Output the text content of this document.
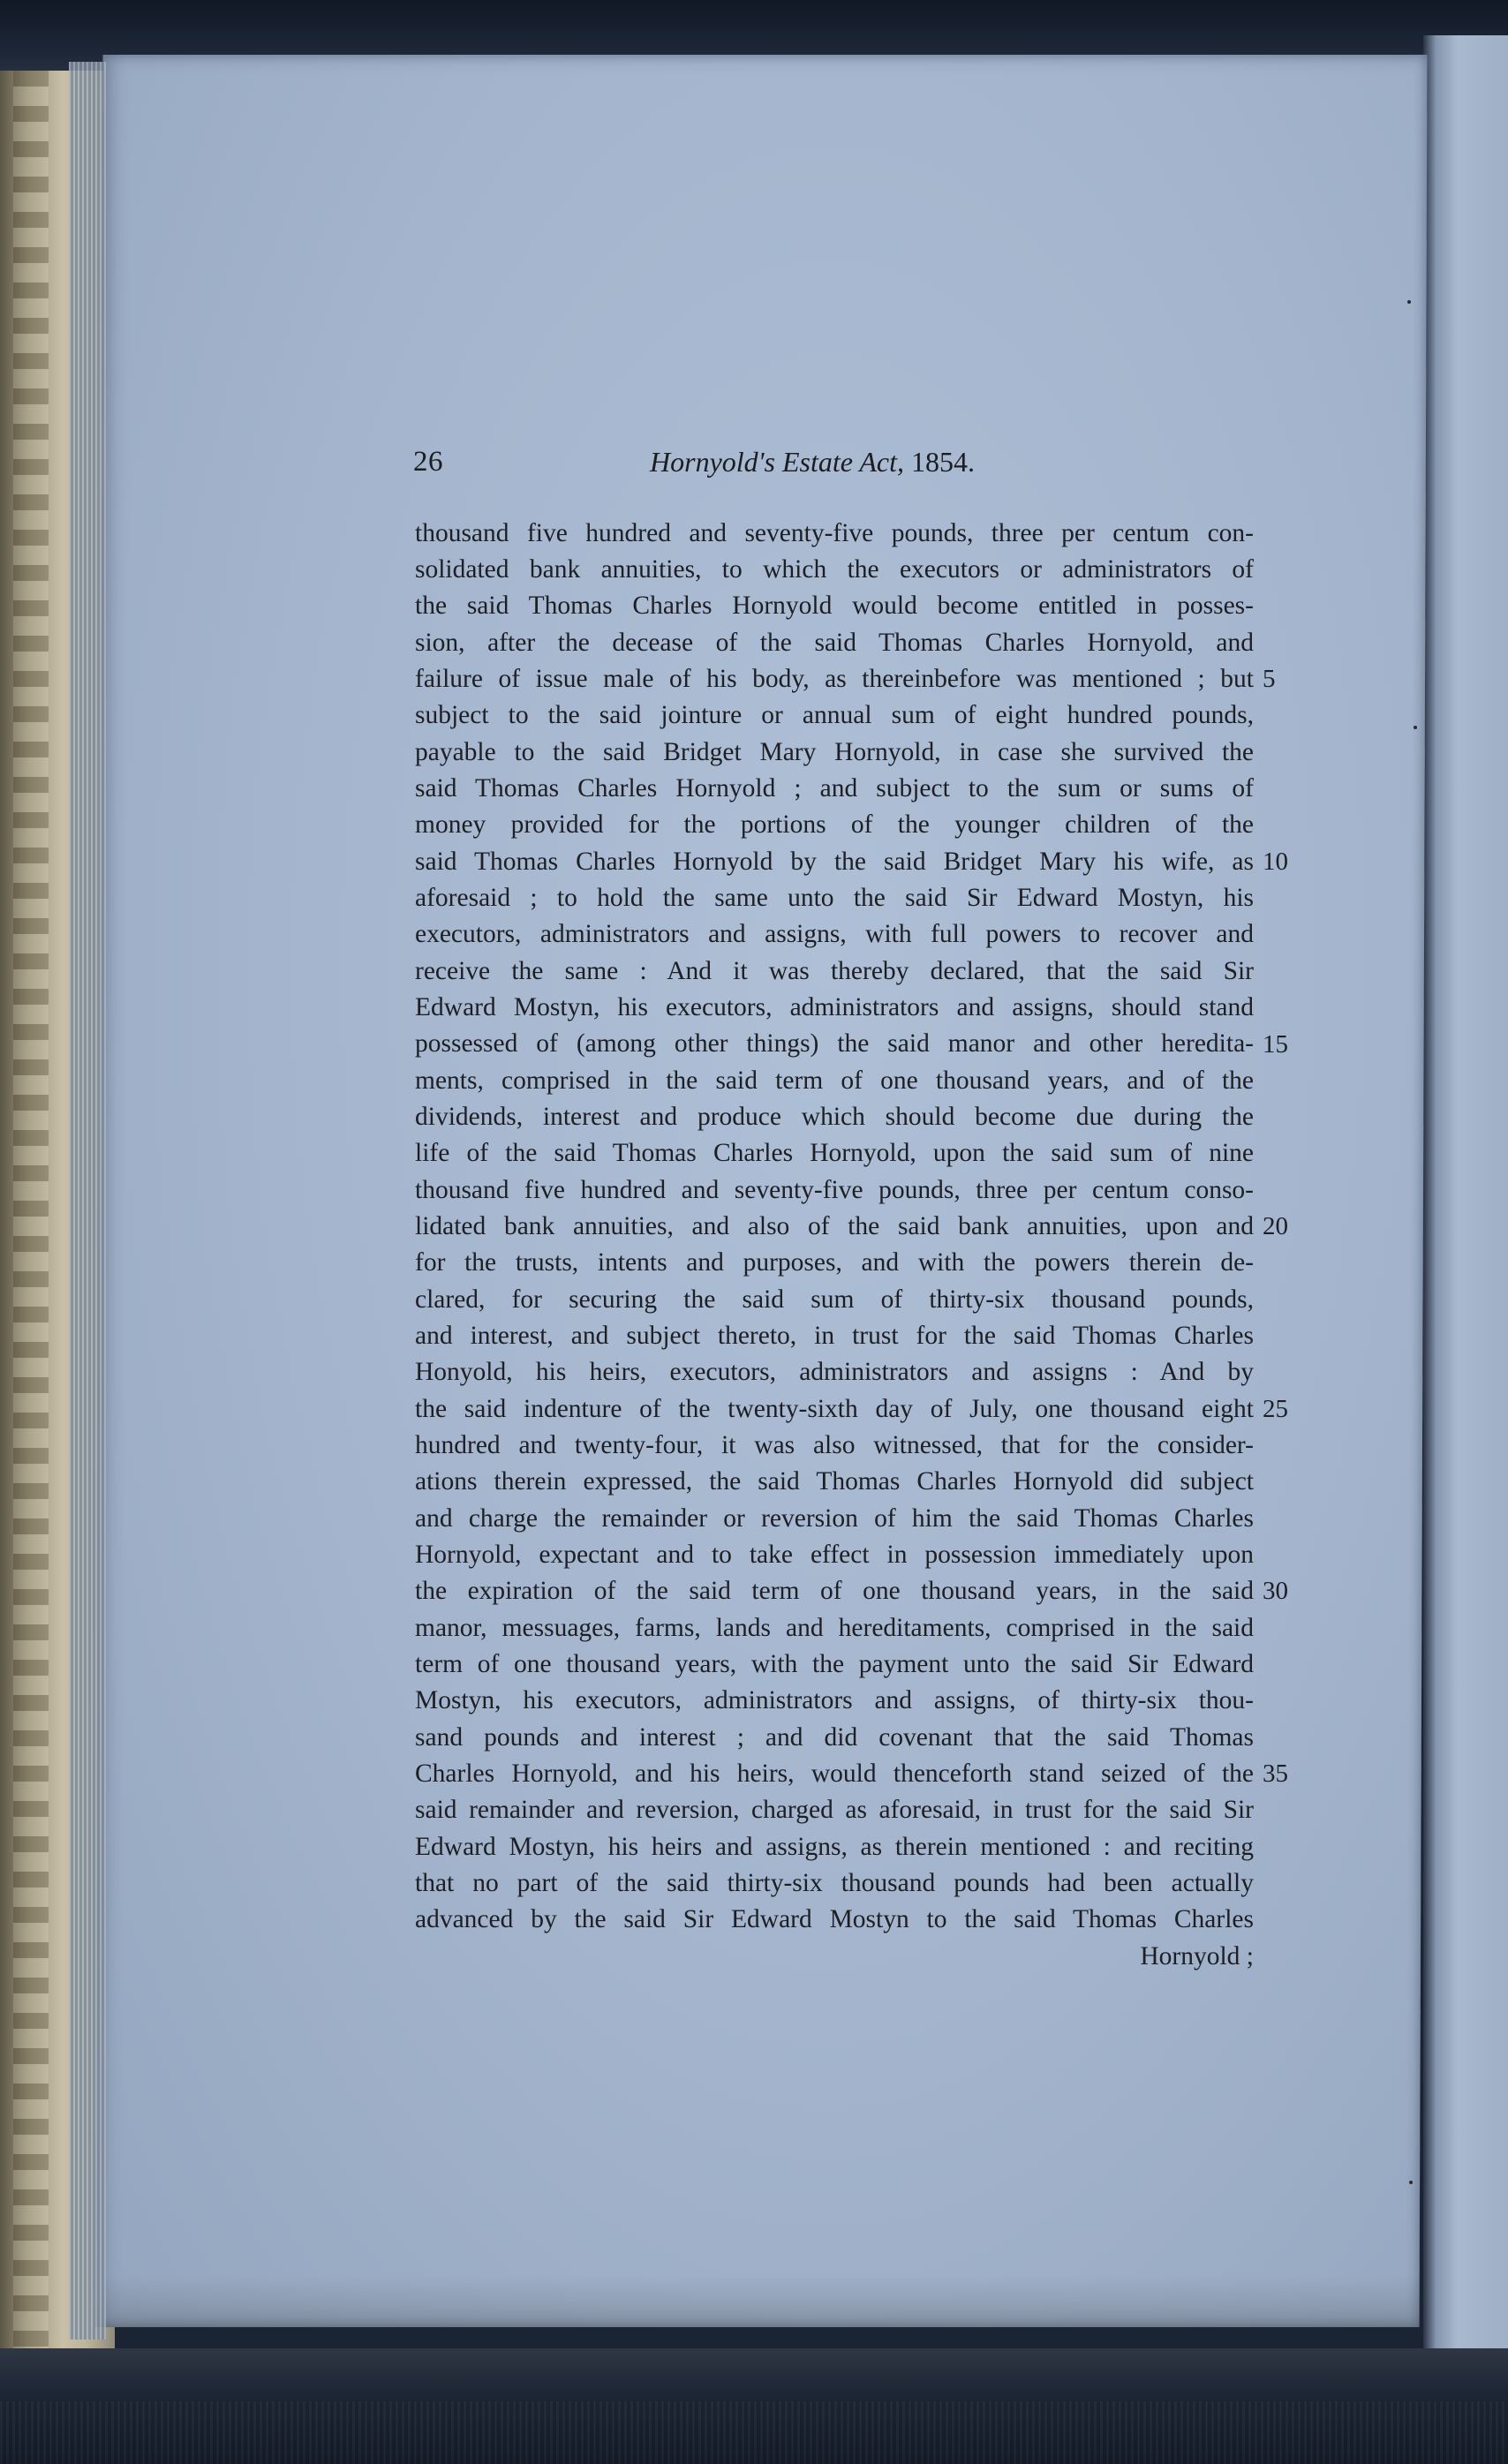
26	Hornyold's Estate Act, 1854.
thousand five hundred and seventy-five pounds, three per centum con-
solidated bank annuities, to which the executors or administrators of
the said Thomas Charles Hornyold would become entitled in posses-
sion, after the decease of the said Thomas Charles Hornyold, and
failure of issue male of his body, as thereinbefore was mentioned ; but
subject to the said jointure or annual sum of eight hundred pounds,
payable to the said Bridget Mary Hornyold, in case she survived the
said Thomas Charles Hornyold ; and subject to the sum or sums of
money provided for the portions of the younger children of the
said Thomas Charles Hornyold by the said Bridget Mary his wife, as
aforesaid ; to hold the same unto the said Sir Edward Mostyn, his
executors, administrators and assigns, with full powers to recover and
receive the same : And it was thereby declared, that the said Sir
Edward Mostyn, his executors, administrators and assigns, should stand
possessed of (among other things) the said manor and other heredita-
ments, comprised in the said term of one thousand years, and of the
dividends, interest and produce which should become due during the
life of the said Thomas Charles Hornyold, upon the said sum of nine
thousand five hundred and seventy-five pounds, three per centum conso-
lidated bank annuities, and also of the said bank annuities, upon and
for the trusts, intents and purposes, and with the powers therein de-
clared, for securing the said sum of thirty-six thousand pounds,
and interest, and subject thereto, in trust for the said Thomas Charles
Honyold, his heirs, executors, administrators and assigns : And by
the said indenture of the twenty-sixth day of July, one thousand eight
hundred and twenty-four, it was also witnessed, that for the consider-
ations therein expressed, the said Thomas Charles Hornyold did subject
and charge the remainder or reversion of him the said Thomas Charles
Hornyold, expectant and to take effect in possession immediately upon
the expiration of the said term of one thousand years, in the said
manor, messuages, farms, lands and hereditaments, comprised in the said
term of one thousand years, with the payment unto the said Sir Edward
Mostyn, his executors, administrators and assigns, of thirty-six thou-
sand pounds and interest ; and did covenant that the said Thomas
Charles Hornyold, and his heirs, would thenceforth stand seized of the
said remainder and reversion, charged as aforesaid, in trust for the said Sir
Edward Mostyn, his heirs and assigns, as therein mentioned : and reciting
that no part of the said thirty-six thousand pounds had been actually
advanced by the said Sir Edward Mostyn to the said Thomas Charles
Hornyold ;
5
10
15
20
25
30
35
